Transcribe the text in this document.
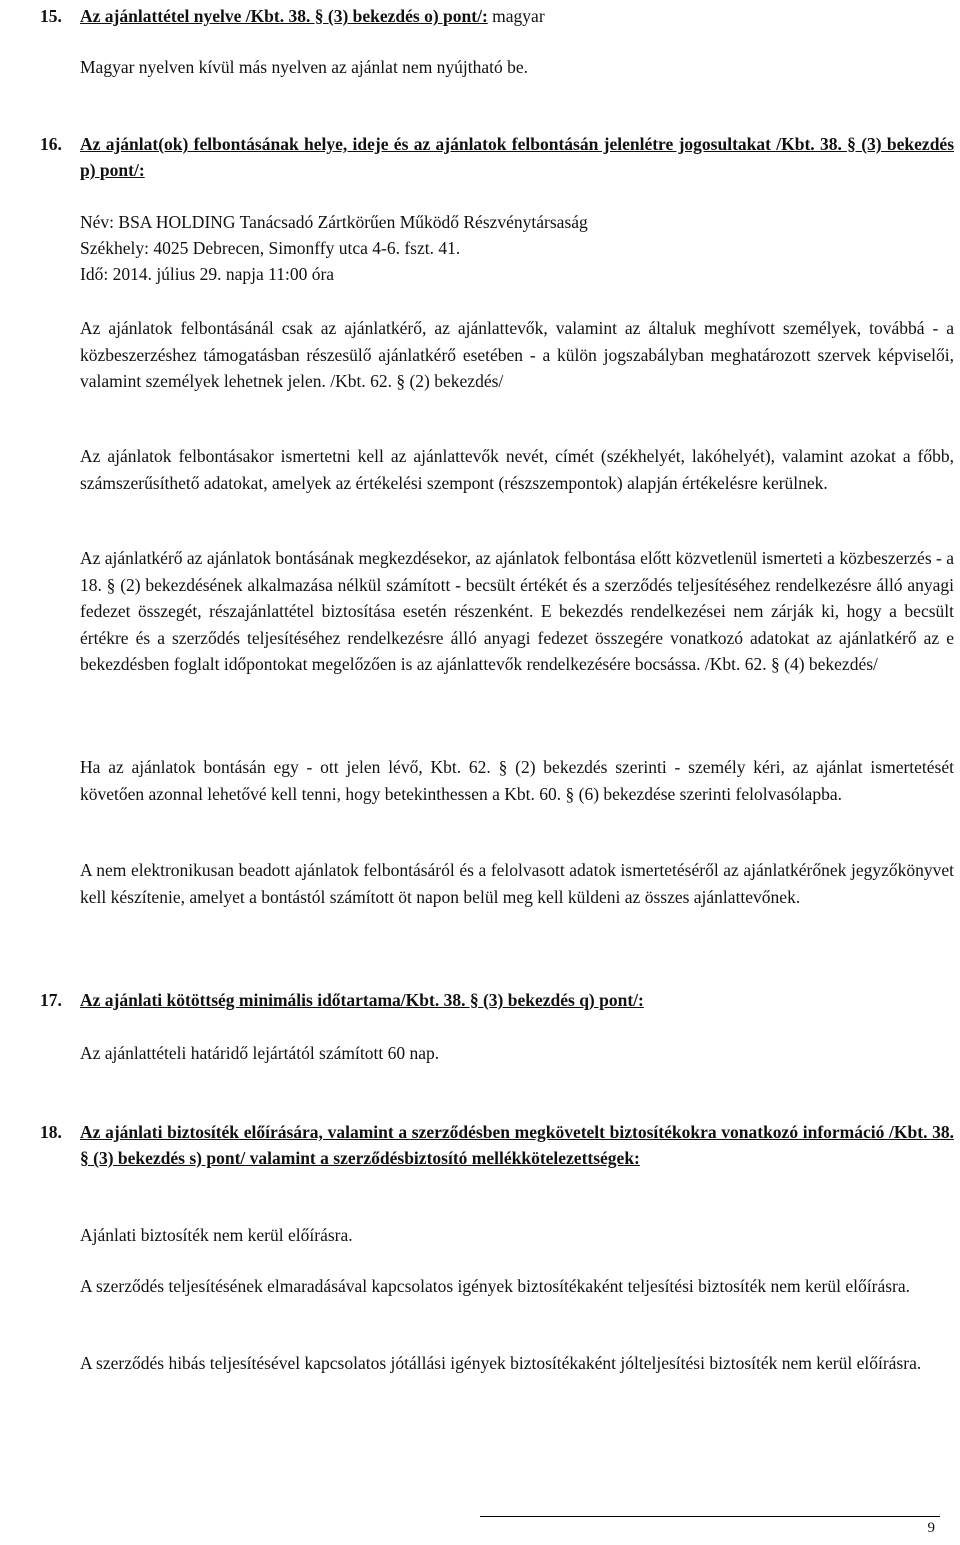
15. Az ajánlattétel nyelve /Kbt. 38. § (3) bekezdés o) pont/: magyar
Magyar nyelven kívül más nyelven az ajánlat nem nyújtható be.
16. Az ajánlat(ok) felbontásának helye, ideje és az ajánlatok felbontásán jelenlétre jogosultakat /Kbt. 38. § (3) bekezdés p) pont/:
Név: BSA HOLDING Tanácsadó Zártkörűen Működő Részvénytársaság
Székhely: 4025 Debrecen, Simonffy utca 4-6. fszt. 41.
Idő: 2014. július 29. napja 11:00 óra

Az ajánlatok felbontásánál csak az ajánlatkérő, az ajánlattevők, valamint az általuk meghívott személyek, továbbá - a közbeszerzéshez támogatásban részesülő ajánlatkérő esetében - a külön jogszabályban meghatározott szervek képviselői, valamint személyek lehetnek jelen. /Kbt. 62. § (2) bekezdés/

Az ajánlatok felbontásakor ismertetni kell az ajánlattevők nevét, címét (székhelyét, lakóhelyét), valamint azokat a főbb, számszerűsíthető adatokat, amelyek az értékelési szempont (részszempontok) alapján értékelésre kerülnek.

Az ajánlatkérő az ajánlatok bontásának megkezdésekor, az ajánlatok felbontása előtt közvetlenül ismerteti a közbeszerzés - a 18. § (2) bekezdésének alkalmazása nélkül számított - becsült értékét és a szerződés teljesítéséhez rendelkezésre álló anyagi fedezet összegét, részajánlattétel biztosítása esetén részenként. E bekezdés rendelkezései nem zárják ki, hogy a becsült értékre és a szerződés teljesítéséhez rendelkezésre álló anyagi fedezet összegére vonatkozó adatokat az ajánlatkérő az e bekezdésben foglalt időpontokat megelőzően is az ajánlattevők rendelkezésére bocsássa. /Kbt. 62. § (4) bekezdés/

Ha az ajánlatok bontásán egy - ott jelen lévő, Kbt. 62. § (2) bekezdés szerinti - személy kéri, az ajánlat ismertetését követően azonnal lehetővé kell tenni, hogy betekinthessen a Kbt. 60. § (6) bekezdése szerinti felolvasólapba.

A nem elektronikusan beadott ajánlatok felbontásáról és a felolvasott adatok ismertetéséről az ajánlatkérőnek jegyzőkönyvet kell készítenie, amelyet a bontástól számított öt napon belül meg kell küldeni az összes ajánlattevőnek.

17. Az ajánlati kötöttség minimális időtartama/Kbt. 38. § (3) bekezdés q) pont/:
Az ajánlattételi határidő lejártától számított 60 nap.
18. Az ajánlati biztosíték előírására, valamint a szerződésben megkövetelt biztosítékokra vonatkozó információ /Kbt. 38. § (3) bekezdés s) pont/ valamint a szerződésbiztosító mellékkötelezettségek:
Ajánlati biztosíték nem kerül előírásra.

A szerződés teljesítésének elmaradásával kapcsolatos igények biztosítékaként teljesítési biztosíték nem kerül előírásra.

A szerződés hibás teljesítésével kapcsolatos jótállási igények biztosítékaként jólteljesítési biztosíték nem kerül előírásra.

9
